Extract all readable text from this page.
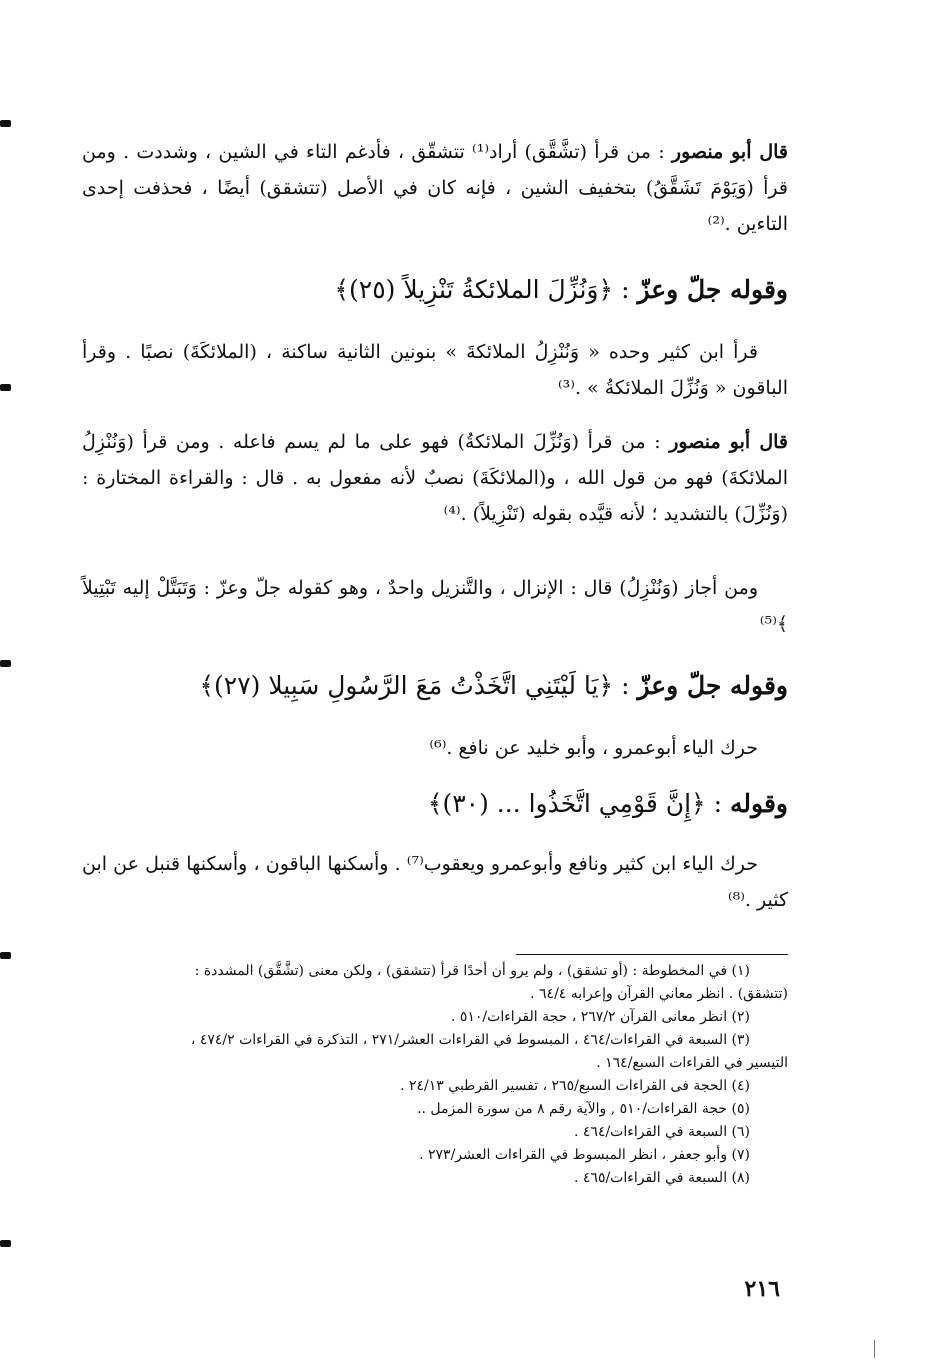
قال أبو منصور : من قرأ (تشَّقَّق) أراد⁽¹⁾ تتشقّق ، فأدغم التاء في الشين ، وشددت . ومن قرأ (وَيَوْمَ تَشَقَّقُ) بتخفيف الشين ، فإنه كان في الأصل (تتشقق) أيضًا ، فحذفت إحدى التاءين .⁽²⁾

وقوله جلّ وعزّ : ﴿وَنُزِّلَ الملائكةُ تَنْزِيلاً (٢٥)﴾

قرأ ابن كثير وحده « وَنُنْزِلُ الملائكةَ » بنونين الثانية ساكنة ، (الملائكَةَ) نصبًا . وقرأ الباقون « وَنُزِّلَ الملائكةُ » .⁽³⁾

قال أبو منصور : من قرأ (وَنُزِّلَ الملائكةُ) فهو على ما لم يسم فاعله . ومن قرأ (وَنُنْزِلُ الملائكةَ) فهو من قول الله ، و(الملائكَةَ) نصبٌ لأنه مفعول به . قال : والقراءة المختارة : (وَنُزِّلَ) بالتشديد ؛ لأنه قيَّده بقوله (تَنْزِيلاً) .⁽⁴⁾

ومن أجاز (وَنُنْزِلُ) قال : الإنزال ، والتَّنزيل واحدٌ ، وهو كقوله جلّ وعزّ : وَتَبَتَّلْ إليه تَبْتِيلاً ﴾⁽⁵⁾

وقوله جلّ وعزّ : ﴿يَا لَيْتَنِي اتَّخَذْتُ مَعَ الرَّسُولِ سَبِيلا (٢٧)﴾

حرك الياء أبوعمرو ، وأبو خليد عن نافع .⁽⁶⁾

وقوله : ﴿إِنَّ قَوْمِي اتَّخَذُوا ... (٣٠)﴾

حرك الياء ابن كثير ونافع وأبوعمرو ويعقوب⁽⁷⁾ . وأسكنها الباقون ، وأسكنها قنبل عن ابن كثير .⁽⁸⁾

(١) في المخطوطة : (أو تشقق) ، ولم يرو أن أحدًا قرأ (تتشقق) ، ولكن معنى (تشَّقَّق) المشددة :

(تتشقق) . انظر معاني القرآن وإعرابه ٦٤/٤ .

(٢) انظر معانى القرآن ٢٦٧/٢ ، حجة القراءات/٥١٠ .

(٣) السبعة في القراءات/٤٦٤ ، المبسوط في القراءات العشر/٢٧١ ، التذكرة في القراءات ٤٧٤/٢ ،

التيسير في القراءات السبع/١٦٤ .

(٤) الحجة فى القراءات السبع/٢٦٥ ، تفسير القرطبي ٢٤/١٣ .

(٥) حجة القراءات/٥١٠ , والآية رقم ٨ من سورة المزمل ..

(٦) السبعة في القراءات/٤٦٤ .

(٧) وأبو جعفر ، انظر المبسوط في القراءات العشر/٢٧٣ .

(٨) السبعة في القراءات/٤٦٥ .

٢١٦
